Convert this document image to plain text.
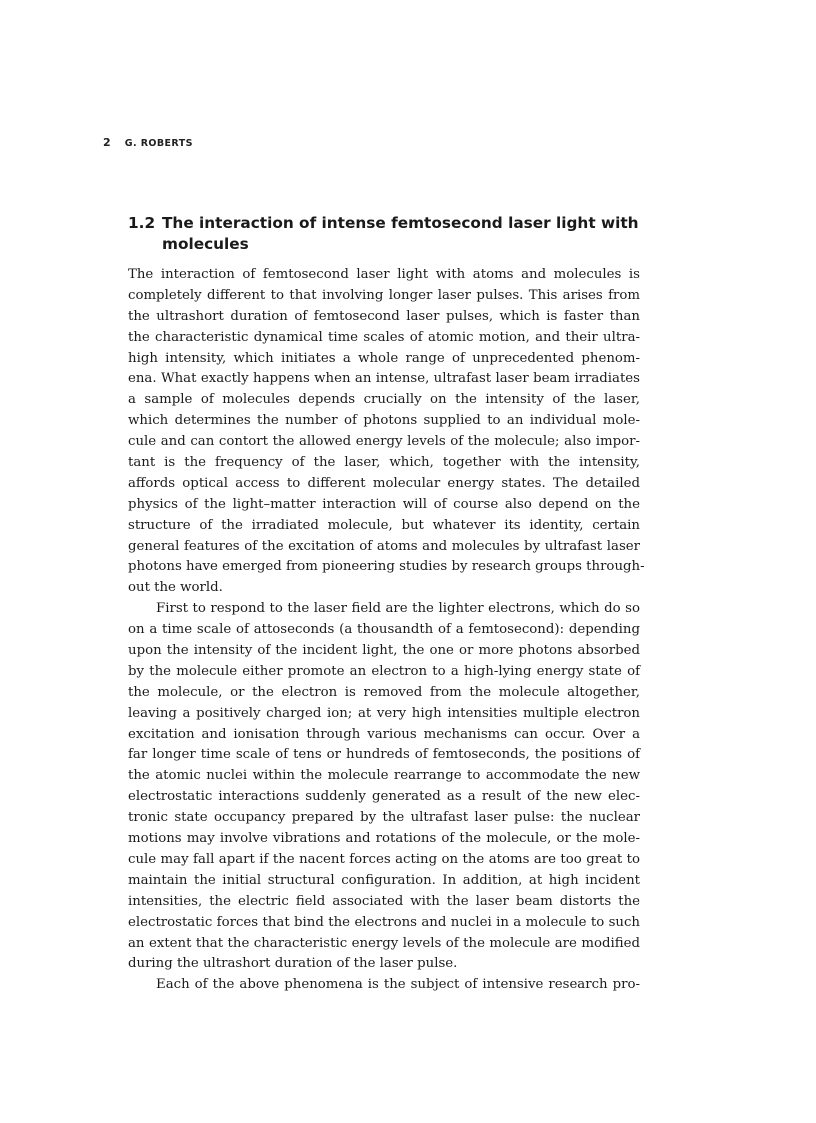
2 G. ROBERTS
1.2 The interaction of intense femtosecond laser light with molecules

The interaction of femtosecond laser light with atoms and molecules is
completely different to that involving longer laser pulses. This arises from
the ultrashort duration of femtosecond laser pulses, which is faster than
the characteristic dynamical time scales of atomic motion, and their ultra-
high intensity, which initiates a whole range of unprecedented phenom-
ena. What exactly happens when an intense, ultrafast laser beam irradiates
a sample of molecules depends crucially on the intensity of the laser,
which determines the number of photons supplied to an individual mole-
cule and can contort the allowed energy levels of the molecule; also impor-
tant is the frequency of the laser, which, together with the intensity,
affords optical access to different molecular energy states. The detailed
physics of the light–matter interaction will of course also depend on the
structure of the irradiated molecule, but whatever its identity, certain
general features of the excitation of atoms and molecules by ultrafast laser
photons have emerged from pioneering studies by research groups through-
out the world.

First to respond to the laser field are the lighter electrons, which do so
on a time scale of attoseconds (a thousandth of a femtosecond): depending
upon the intensity of the incident light, the one or more photons absorbed
by the molecule either promote an electron to a high-lying energy state of
the molecule, or the electron is removed from the molecule altogether,
leaving a positively charged ion; at very high intensities multiple electron
excitation and ionisation through various mechanisms can occur. Over a
far longer time scale of tens or hundreds of femtoseconds, the positions of
the atomic nuclei within the molecule rearrange to accommodate the new
electrostatic interactions suddenly generated as a result of the new elec-
tronic state occupancy prepared by the ultrafast laser pulse: the nuclear
motions may involve vibrations and rotations of the molecule, or the mole-
cule may fall apart if the nacent forces acting on the atoms are too great to
maintain the initial structural configuration. In addition, at high incident
intensities, the electric field associated with the laser beam distorts the
electrostatic forces that bind the electrons and nuclei in a molecule to such
an extent that the characteristic energy levels of the molecule are modified
during the ultrashort duration of the laser pulse.

Each of the above phenomena is the subject of intensive research pro-
